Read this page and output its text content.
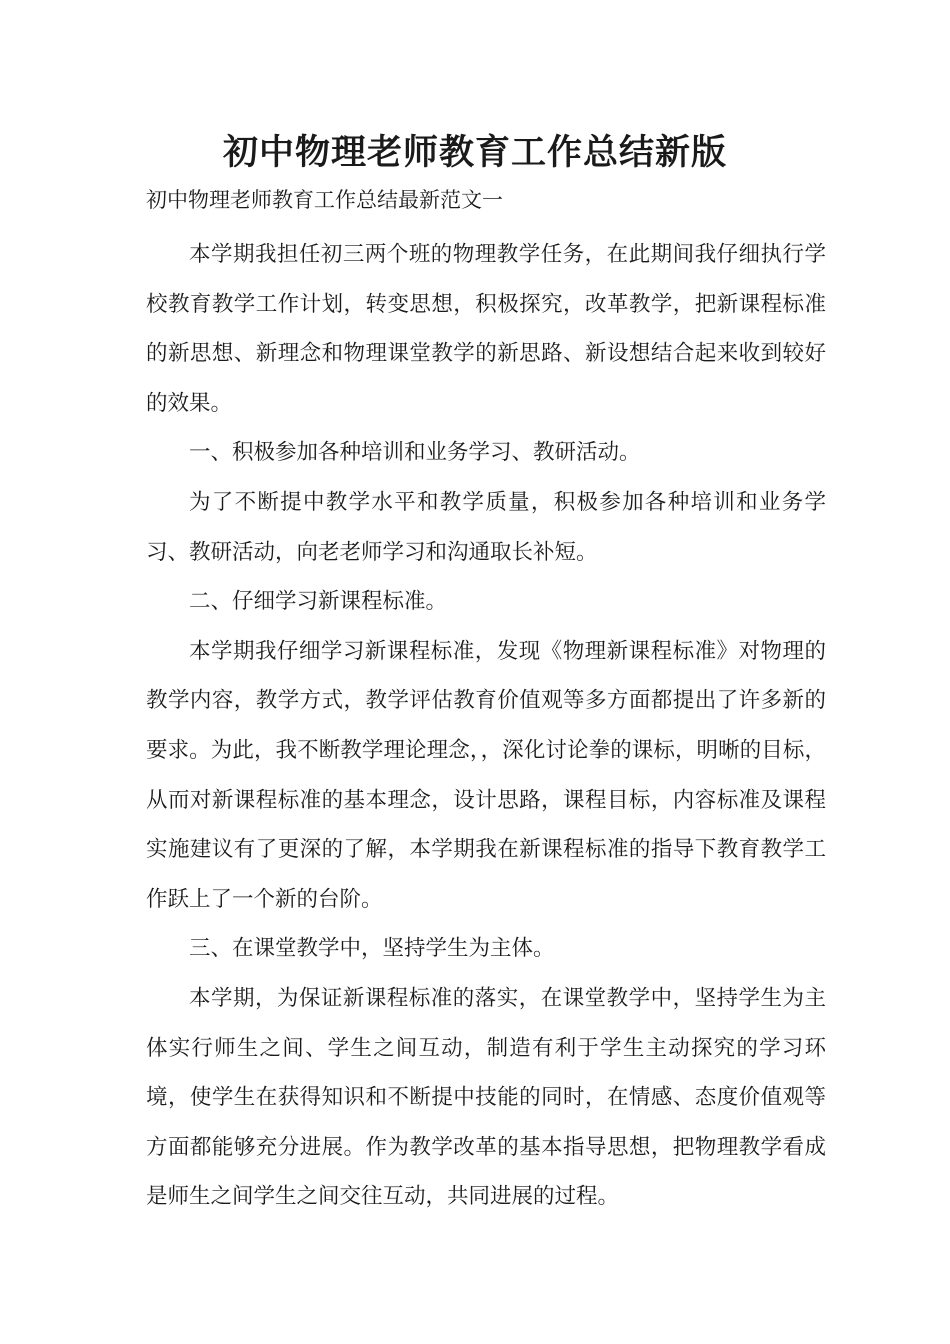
初中物理老师教育工作总结新版
初中物理老师教育工作总结最新范文一

本学期我担任初三两个班的物理教学任务，在此期间我仔细执行学校教育教学工作计划，转变思想，积极探究，改革教学，把新课程标准的新思想、新理念和物理课堂教学的新思路、新设想结合起来收到较好的效果。

一、积极参加各种培训和业务学习、教研活动。

为了不断提中教学水平和教学质量，积极参加各种培训和业务学习、教研活动，向老老师学习和沟通取长补短。

二、仔细学习新课程标准。

本学期我仔细学习新课程标准，发现《物理新课程标准》对物理的教学内容，教学方式，教学评估教育价值观等多方面都提出了许多新的要求。为此，我不断教学理论理念，，深化讨论拳的课标，明晰的目标，从而对新课程标准的基本理念，设计思路，课程目标，内容标准及课程实施建议有了更深的了解，本学期我在新课程标准的指导下教育教学工作跃上了一个新的台阶。

三、在课堂教学中，坚持学生为主体。

本学期，为保证新课程标准的落实，在课堂教学中，坚持学生为主体实行师生之间、学生之间互动，制造有利于学生主动探究的学习环境，使学生在获得知识和不断提中技能的同时，在情感、态度价值观等方面都能够充分进展。作为教学改革的基本指导思想，把物理教学看成是师生之间学生之间交往互动，共同进展的过程。
